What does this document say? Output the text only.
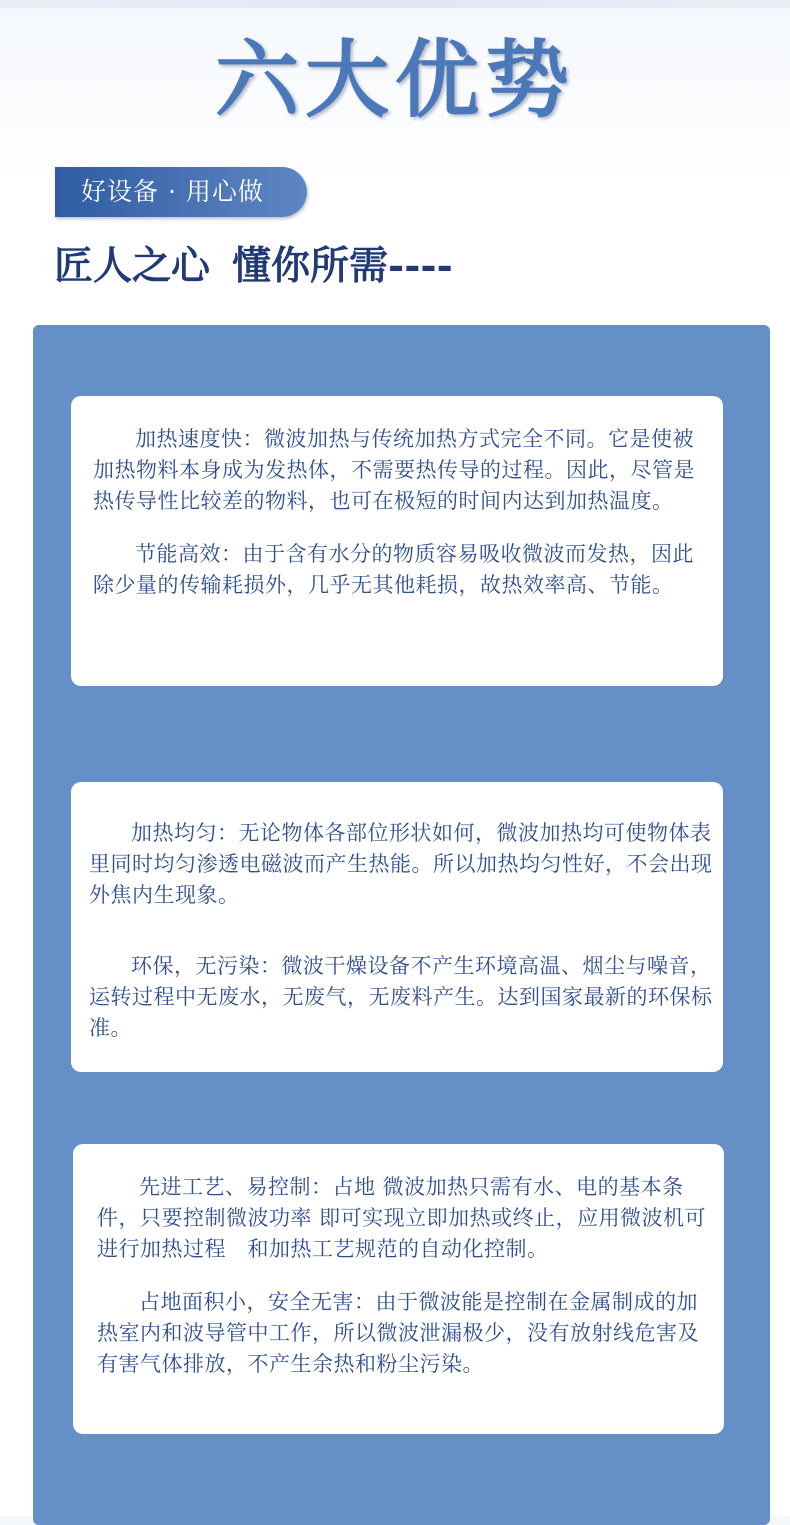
六大优势
好设备 · 用心做
匠人之心 懂你所需----

加热速度快：微波加热与传统加热方式完全不同。它是使被加热物料本身成为发热体，不需要热传导的过程。因此，尽管是热传导性比较差的物料，也可在极短的时间内达到加热温度。

节能高效：由于含有水分的物质容易吸收微波而发热，因此除少量的传输耗损外，几乎无其他耗损，故热效率高、节能。

加热均匀：无论物体各部位形状如何，微波加热均可使物体表里同时均匀渗透电磁波而产生热能。所以加热均匀性好，不会出现外焦内生现象。

环保，无污染：微波干燥设备不产生环境高温、烟尘与噪音，运转过程中无废水，无废气，无废料产生。达到国家最新的环保标准。

先进工艺、易控制：占地 微波加热只需有水、电的基本条件，只要控制微波功率 即可实现立即加热或终止，应用微波机可进行加热过程　和加热工艺规范的自动化控制。

占地面积小，安全无害：由于微波能是控制在金属制成的加热室内和波导管中工作，所以微波泄漏极少，没有放射线危害及有害气体排放，不产生余热和粉尘污染。
